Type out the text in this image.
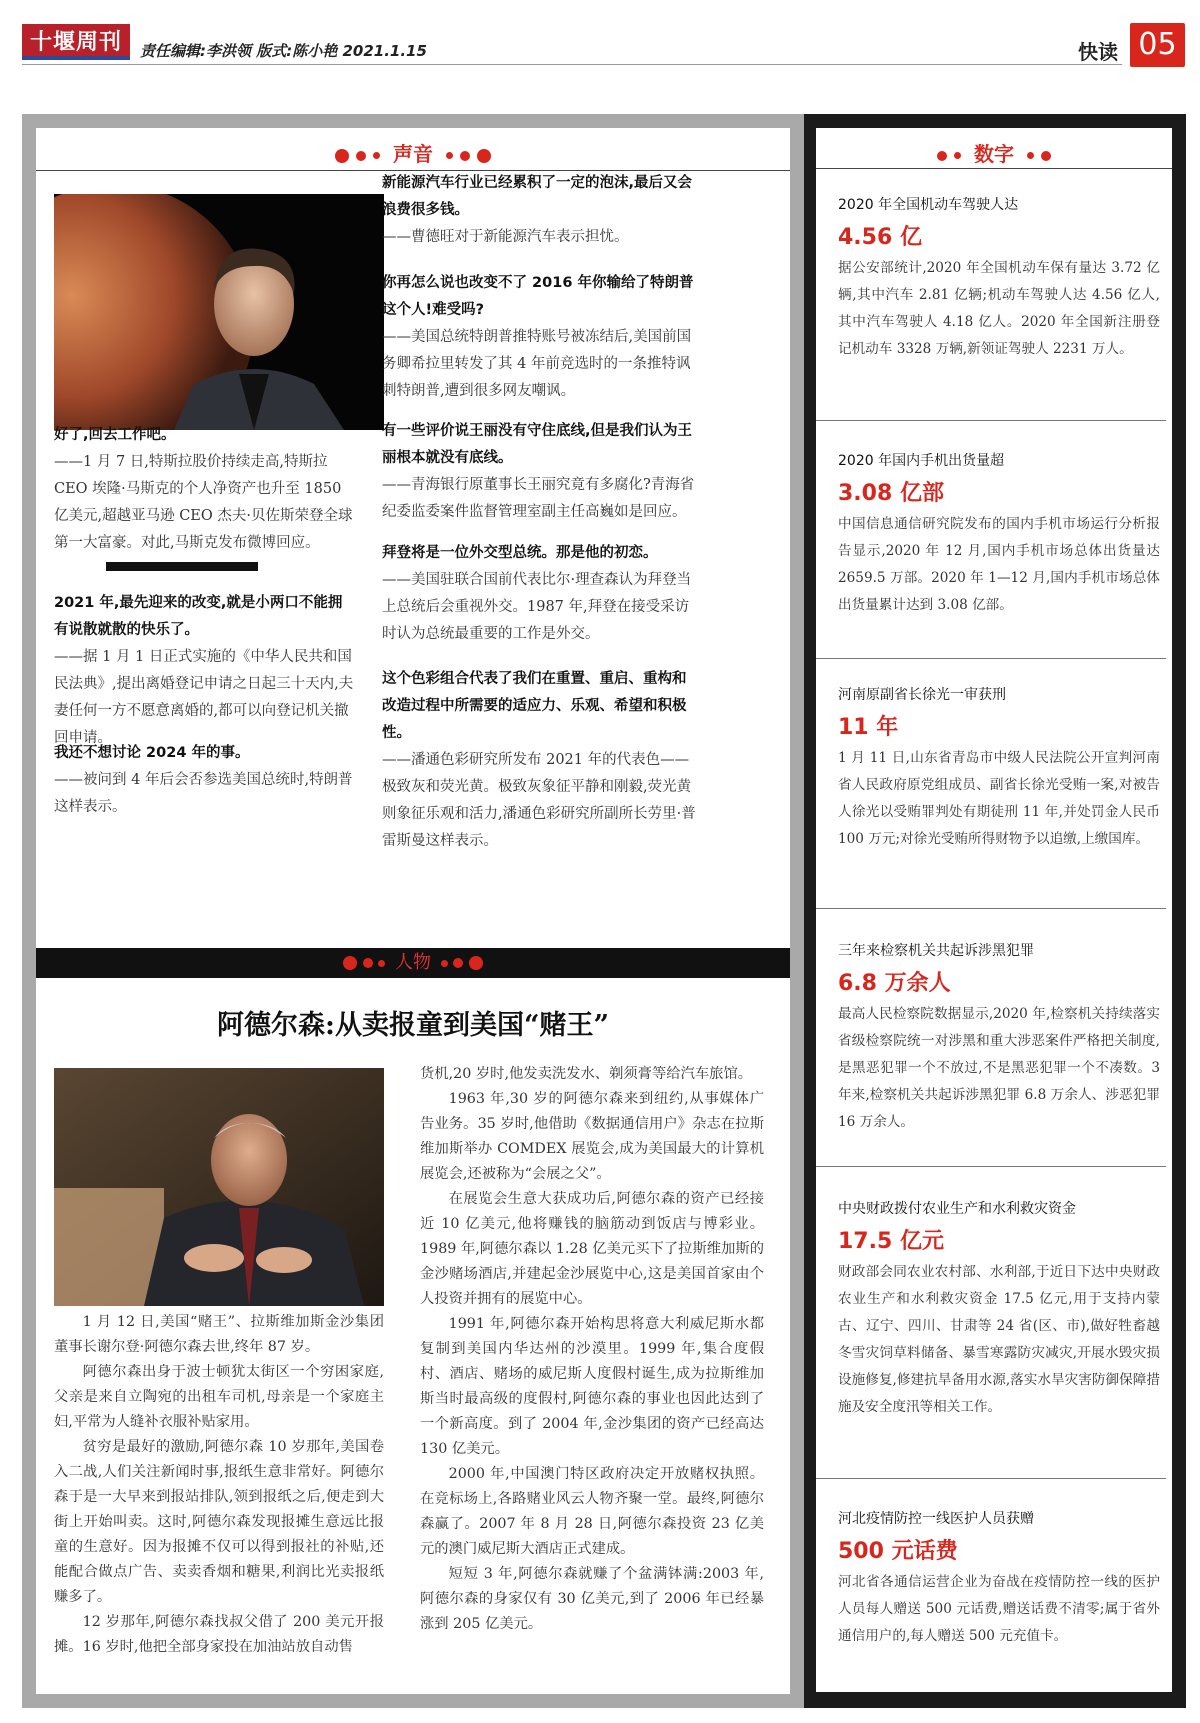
十堰周刊	责任编辑:李洪领 版式:陈小艳 2021.1.15	快读 05
声音
好了,回去工作吧。
——1 月 7 日,特斯拉股价持续走高,特斯拉 CEO 埃隆·马斯克的个人净资产也升至 1850 亿美元,超越亚马逊 CEO 杰夫·贝佐斯荣登全球第一大富豪。对此,马斯克发布微博回应。
2021 年,最先迎来的改变,就是小两口不能拥有说散就散的快乐了。
——据 1 月 1 日正式实施的《中华人民共和国民法典》,提出离婚登记申请之日起三十天内,夫妻任何一方不愿意离婚的,都可以向登记机关撤回申请。
我还不想讨论 2024 年的事。
——被问到 4 年后会否参选美国总统时,特朗普这样表示。
新能源汽车行业已经累积了一定的泡沫,最后又会浪费很多钱。
——曹德旺对于新能源汽车表示担忧。
你再怎么说也改变不了 2016 年你输给了特朗普这个人!难受吗?
——美国总统特朗普推特账号被冻结后,美国前国务卿希拉里转发了其 4 年前竞选时的一条推特讽刺特朗普,遭到很多网友嘲讽。
有一些评价说王丽没有守住底线,但是我们认为王丽根本就没有底线。
——青海银行原董事长王丽究竟有多腐化?青海省纪委监委案件监督管理室副主任高巍如是回应。
拜登将是一位外交型总统。那是他的初恋。
——美国驻联合国前代表比尔·理查森认为拜登当上总统后会重视外交。1987 年,拜登在接受采访时认为总统最重要的工作是外交。
这个色彩组合代表了我们在重置、重启、重构和改造过程中所需要的适应力、乐观、希望和积极性。
——潘通色彩研究所发布 2021 年的代表色——极致灰和荧光黄。极致灰象征平静和刚毅,荧光黄则象征乐观和活力,潘通色彩研究所副所长劳里·普雷斯曼这样表示。
人物
阿德尔森:从卖报童到美国“赌王”

1 月 12 日,美国“赌王”、拉斯维加斯金沙集团董事长谢尔登·阿德尔森去世,终年 87 岁。

阿德尔森出身于波士顿犹太街区一个穷困家庭,父亲是来自立陶宛的出租车司机,母亲是一个家庭主妇,平常为人缝补衣服补贴家用。

贫穷是最好的激励,阿德尔森 10 岁那年,美国卷入二战,人们关注新闻时事,报纸生意非常好。阿德尔森于是一大早来到报站排队,领到报纸之后,便走到大街上开始叫卖。这时,阿德尔森发现报摊生意远比报童的生意好。因为报摊不仅可以得到报社的补贴,还能配合做点广告、卖卖香烟和糖果,利润比光卖报纸赚多了。

12 岁那年,阿德尔森找叔父借了 200 美元开报摊。16 岁时,他把全部身家投在加油站放自动售

货机,20 岁时,他发卖洗发水、剃须膏等给汽车旅馆。

1963 年,30 岁的阿德尔森来到纽约,从事媒体广告业务。35 岁时,他借助《数据通信用户》杂志在拉斯维加斯举办 COMDEX 展览会,成为美国最大的计算机展览会,还被称为“会展之父”。

在展览会生意大获成功后,阿德尔森的资产已经接近 10 亿美元,他将赚钱的脑筋动到饭店与博彩业。1989 年,阿德尔森以 1.28 亿美元买下了拉斯维加斯的金沙赌场酒店,并建起金沙展览中心,这是美国首家由个人投资并拥有的展览中心。

1991 年,阿德尔森开始构思将意大利威尼斯水都复制到美国内华达州的沙漠里。1999 年,集合度假村、酒店、赌场的威尼斯人度假村诞生,成为拉斯维加斯当时最高级的度假村,阿德尔森的事业也因此达到了一个新高度。到了 2004 年,金沙集团的资产已经高达 130 亿美元。

2000 年,中国澳门特区政府决定开放赌权执照。在竞标场上,各路赌业风云人物齐聚一堂。最终,阿德尔森赢了。2007 年 8 月 28 日,阿德尔森投资 23 亿美元的澳门威尼斯大酒店正式建成。

短短 3 年,阿德尔森就赚了个盆满钵满:2003 年,阿德尔森的身家仅有 30 亿美元,到了 2006 年已经暴涨到 205 亿美元。

数字
2020 年全国机动车驾驶人达
4.56 亿
据公安部统计,2020 年全国机动车保有量达 3.72 亿辆,其中汽车 2.81 亿辆;机动车驾驶人达 4.56 亿人,其中汽车驾驶人 4.18 亿人。2020 年全国新注册登记机动车 3328 万辆,新领证驾驶人 2231 万人。
2020 年国内手机出货量超
3.08 亿部
中国信息通信研究院发布的国内手机市场运行分析报告显示,2020 年 12 月,国内手机市场总体出货量达 2659.5 万部。2020 年 1—12 月,国内手机市场总体出货量累计达到 3.08 亿部。
河南原副省长徐光一审获刑
11 年
1 月 11 日,山东省青岛市中级人民法院公开宣判河南省人民政府原党组成员、副省长徐光受贿一案,对被告人徐光以受贿罪判处有期徒刑 11 年,并处罚金人民币 100 万元;对徐光受贿所得财物予以追缴,上缴国库。
三年来检察机关共起诉涉黑犯罪
6.8 万余人
最高人民检察院数据显示,2020 年,检察机关持续落实省级检察院统一对涉黑和重大涉恶案件严格把关制度,是黑恶犯罪一个不放过,不是黑恶犯罪一个不凑数。3 年来,检察机关共起诉涉黑犯罪 6.8 万余人、涉恶犯罪 16 万余人。
中央财政拨付农业生产和水利救灾资金
17.5 亿元
财政部会同农业农村部、水利部,于近日下达中央财政农业生产和水利救灾资金 17.5 亿元,用于支持内蒙古、辽宁、四川、甘肃等 24 省(区、市),做好牲畜越冬雪灾饲草料储备、暴雪寒露防灾减灾,开展水毁灾损设施修复,修建抗旱备用水源,落实水旱灾害防御保障措施及安全度汛等相关工作。
河北疫情防控一线医护人员获赠
500 元话费
河北省各通信运营企业为奋战在疫情防控一线的医护人员每人赠送 500 元话费,赠送话费不清零;属于省外通信用户的,每人赠送 500 元充值卡。
